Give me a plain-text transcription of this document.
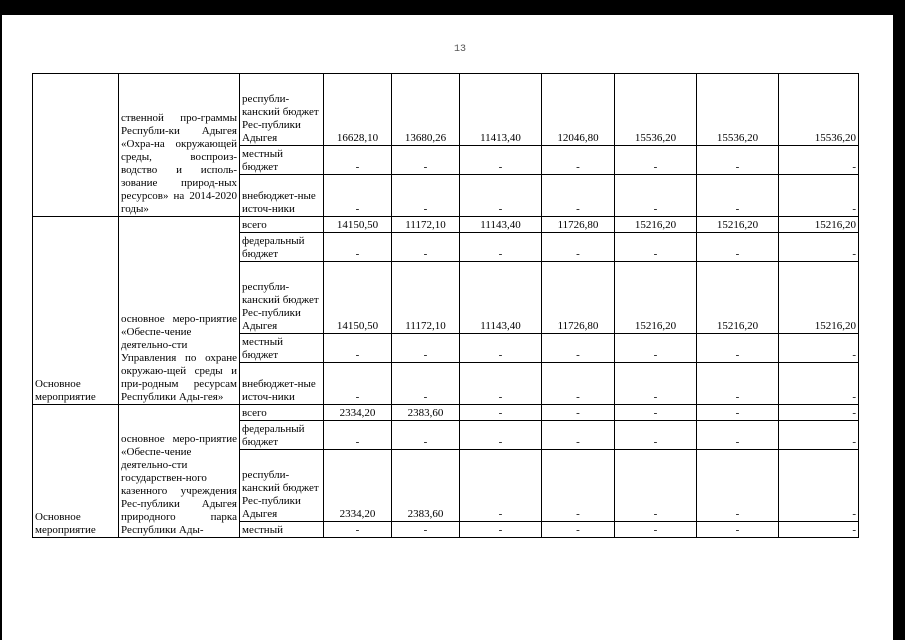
13

	ственной про-граммы Республи-ки Адыгея «Охра-на окружающей среды, воспроиз-водство и исполь-зование природ-ных ресурсов» на 2014-2020 годы»	республи-канский бюджет Рес-публики Адыгея	16628,10	13680,26	11413,40	12046,80	15536,20	15536,20	15536,20
		местный бюджет	-	-	-	-	-	-	-
		внебюджет-ные источ-ники	-	-	-	-	-	-	-
Основное мероприятие	основное меро-приятие «Обеспе-чение деятельно-сти Управления по охране окружаю-щей среды и при-родным ресурсам Республики Ады-гея»	всего	14150,50	11172,10	11143,40	11726,80	15216,20	15216,20	15216,20
		федеральный бюджет	-	-	-	-	-	-	-
		республи-канский бюджет Рес-публики Адыгея	14150,50	11172,10	11143,40	11726,80	15216,20	15216,20	15216,20
		местный бюджет	-	-	-	-	-	-	-
		внебюджет-ные источ-ники	-	-	-	-	-	-	-
Основное мероприятие	основное меро-приятие «Обеспе-чение деятельно-сти государствен-ного казенного учреждения Рес-публики Адыгея природного парка Республики Ады-	всего	2334,20	2383,60	-	-	-	-	-
		федеральный бюджет	-	-	-	-	-	-	-
		республи-канский бюджет Рес-публики Адыгея	2334,20	2383,60	-	-	-	-	-
		местный	-	-	-	-	-	-	-
